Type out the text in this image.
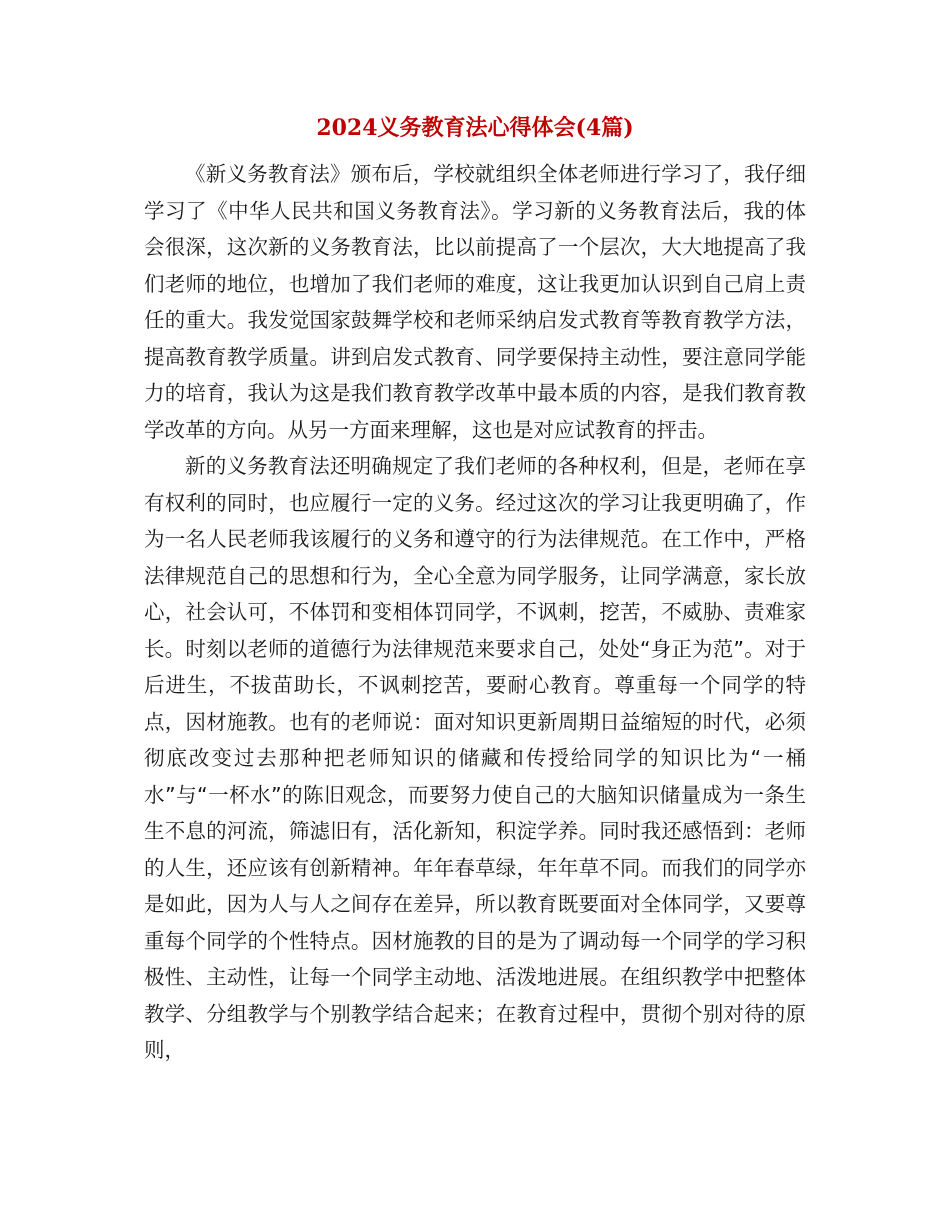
2024义务教育法心得体会(4篇)

《新义务教育法》颁布后，学校就组织全体老师进行学习了，我仔细学习了《中华人民共和国义务教育法》。学习新的义务教育法后，我的体会很深，这次新的义务教育法，比以前提高了一个层次，大大地提高了我们老师的地位，也增加了我们老师的难度，这让我更加认识到自己肩上责任的重大。我发觉国家鼓舞学校和老师采纳启发式教育等教育教学方法，提高教育教学质量。讲到启发式教育、同学要保持主动性，要注意同学能力的培育，我认为这是我们教育教学改革中最本质的内容，是我们教育教学改革的方向。从另一方面来理解，这也是对应试教育的抨击。

新的义务教育法还明确规定了我们老师的各种权利，但是，老师在享有权利的同时，也应履行一定的义务。经过这次的学习让我更明确了，作为一名人民老师我该履行的义务和遵守的行为法律规范。在工作中，严格法律规范自己的思想和行为，全心全意为同学服务，让同学满意，家长放心，社会认可，不体罚和变相体罚同学，不讽刺，挖苦，不威胁、责难家长。时刻以老师的道德行为法律规范来要求自己，处处“身正为范”。对于后进生，不拔苗助长，不讽刺挖苦，要耐心教育。尊重每一个同学的特点，因材施教。也有的老师说：面对知识更新周期日益缩短的时代，必须彻底改变过去那种把老师知识的储藏和传授给同学的知识比为“一桶水”与“一杯水”的陈旧观念，而要努力使自己的大脑知识储量成为一条生生不息的河流，筛滤旧有，活化新知，积淀学养。同时我还感悟到：老师的人生，还应该有创新精神。年年春草绿，年年草不同。而我们的同学亦是如此，因为人与人之间存在差异，所以教育既要面对全体同学，又要尊重每个同学的个性特点。因材施教的目的是为了调动每一个同学的学习积极性、主动性，让每一个同学主动地、活泼地进展。在组织教学中把整体教学、分组教学与个别教学结合起来；在教育过程中，贯彻个别对待的原则，
